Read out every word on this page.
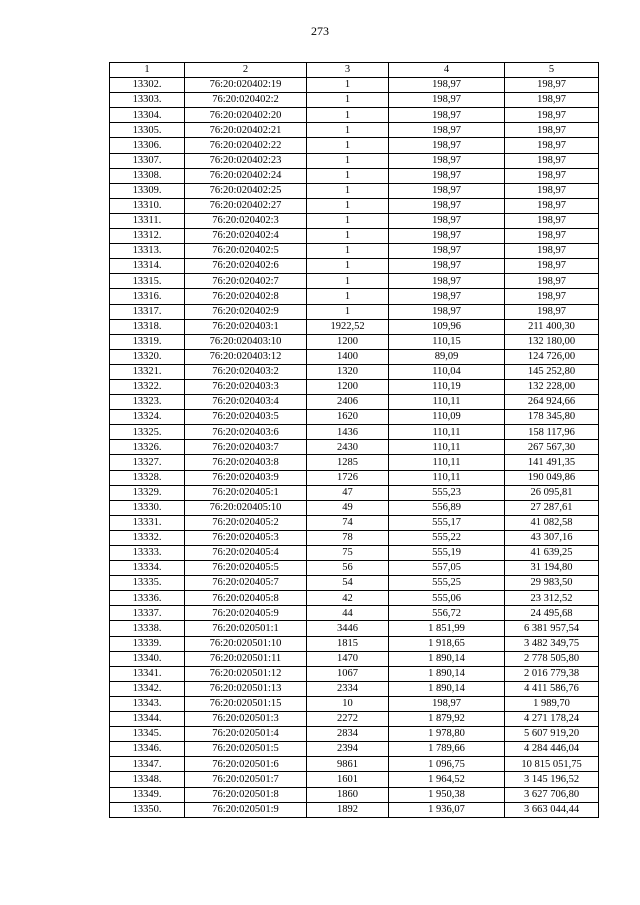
273
1	2	3	4	5
13302.	76:20:020402:19	1	198,97	198,97
13303.	76:20:020402:2	1	198,97	198,97
13304.	76:20:020402:20	1	198,97	198,97
13305.	76:20:020402:21	1	198,97	198,97
13306.	76:20:020402:22	1	198,97	198,97
13307.	76:20:020402:23	1	198,97	198,97
13308.	76:20:020402:24	1	198,97	198,97
13309.	76:20:020402:25	1	198,97	198,97
13310.	76:20:020402:27	1	198,97	198,97
13311.	76:20:020402:3	1	198,97	198,97
13312.	76:20:020402:4	1	198,97	198,97
13313.	76:20:020402:5	1	198,97	198,97
13314.	76:20:020402:6	1	198,97	198,97
13315.	76:20:020402:7	1	198,97	198,97
13316.	76:20:020402:8	1	198,97	198,97
13317.	76:20:020402:9	1	198,97	198,97
13318.	76:20:020403:1	1922,52	109,96	211 400,30
13319.	76:20:020403:10	1200	110,15	132 180,00
13320.	76:20:020403:12	1400	89,09	124 726,00
13321.	76:20:020403:2	1320	110,04	145 252,80
13322.	76:20:020403:3	1200	110,19	132 228,00
13323.	76:20:020403:4	2406	110,11	264 924,66
13324.	76:20:020403:5	1620	110,09	178 345,80
13325.	76:20:020403:6	1436	110,11	158 117,96
13326.	76:20:020403:7	2430	110,11	267 567,30
13327.	76:20:020403:8	1285	110,11	141 491,35
13328.	76:20:020403:9	1726	110,11	190 049,86
13329.	76:20:020405:1	47	555,23	26 095,81
13330.	76:20:020405:10	49	556,89	27 287,61
13331.	76:20:020405:2	74	555,17	41 082,58
13332.	76:20:020405:3	78	555,22	43 307,16
13333.	76:20:020405:4	75	555,19	41 639,25
13334.	76:20:020405:5	56	557,05	31 194,80
13335.	76:20:020405:7	54	555,25	29 983,50
13336.	76:20:020405:8	42	555,06	23 312,52
13337.	76:20:020405:9	44	556,72	24 495,68
13338.	76:20:020501:1	3446	1 851,99	6 381 957,54
13339.	76:20:020501:10	1815	1 918,65	3 482 349,75
13340.	76:20:020501:11	1470	1 890,14	2 778 505,80
13341.	76:20:020501:12	1067	1 890,14	2 016 779,38
13342.	76:20:020501:13	2334	1 890,14	4 411 586,76
13343.	76:20:020501:15	10	198,97	1 989,70
13344.	76:20:020501:3	2272	1 879,92	4 271 178,24
13345.	76:20:020501:4	2834	1 978,80	5 607 919,20
13346.	76:20:020501:5	2394	1 789,66	4 284 446,04
13347.	76:20:020501:6	9861	1 096,75	10 815 051,75
13348.	76:20:020501:7	1601	1 964,52	3 145 196,52
13349.	76:20:020501:8	1860	1 950,38	3 627 706,80
13350.	76:20:020501:9	1892	1 936,07	3 663 044,44
